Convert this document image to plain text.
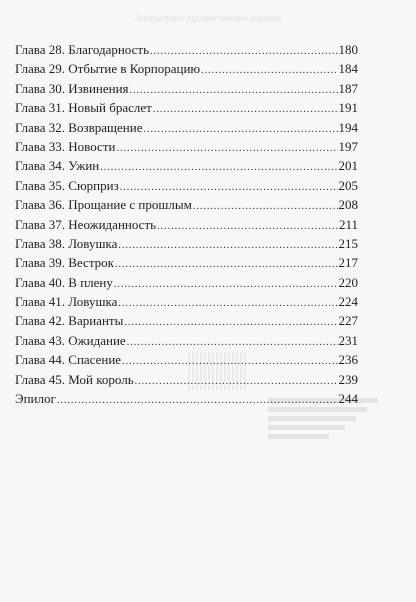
Литературно-художественное издание
Глава 28. Благодарность .....	180
Глава 29. Отбытие в Корпорацию .....	184
Глава 30. Извинения .....	187
Глава 31. Новый браслет .....	191
Глава 32. Возвращение .....	194
Глава 33. Новости .....	197
Глава 34. Ужин .....	201
Глава 35. Сюрприз .....	205
Глава 36. Прощание с прошлым .....	208
Глава 37. Неожиданность .....	211
Глава 38. Ловушка .....	215
Глава 39. Вестрок .....	217
Глава 40. В плену .....	220
Глава 41. Ловушка .....	224
Глава 42. Варианты .....	227
Глава 43. Ожидание .....	231
Глава 44. Спасение .....	236
Глава 45. Мой король .....	239
Эпилог .....	244
